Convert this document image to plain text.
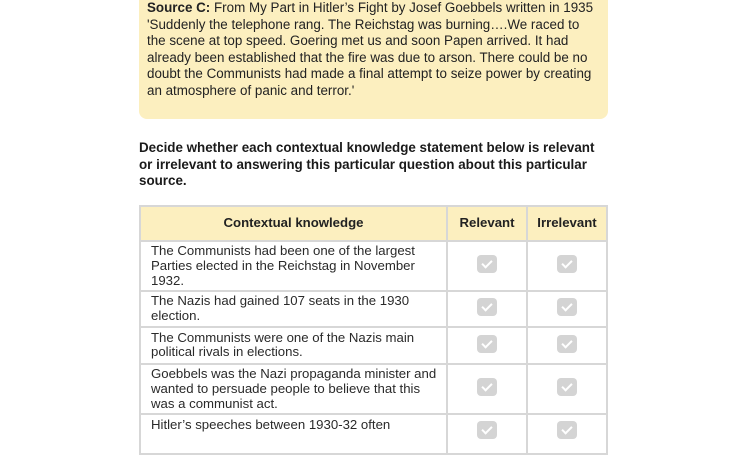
Source C: From My Part in Hitler’s Fight by Josef Goebbels written in 1935
'Suddenly the telephone rang. The Reichstag was burning….We raced to the scene at top speed. Goering met us and soon Papen arrived. It had already been established that the fire was due to arson. There could be no doubt the Communists had made a final attempt to seize power by creating an atmosphere of panic and terror.'
Decide whether each contextual knowledge statement below is relevant or irrelevant to answering this particular question about this particular source.
Contextual knowledge	Relevant	Irrelevant
The Communists had been one of the largest Parties elected in the Reichstag in November 1932.		
The Nazis had gained 107 seats in the 1930 election.		
The Communists were one of the Nazis main political rivals in elections.		
Goebbels was the Nazi propaganda minister and wanted to persuade people to believe that this was a communist act.		
Hitler’s speeches between 1930-32 often		
